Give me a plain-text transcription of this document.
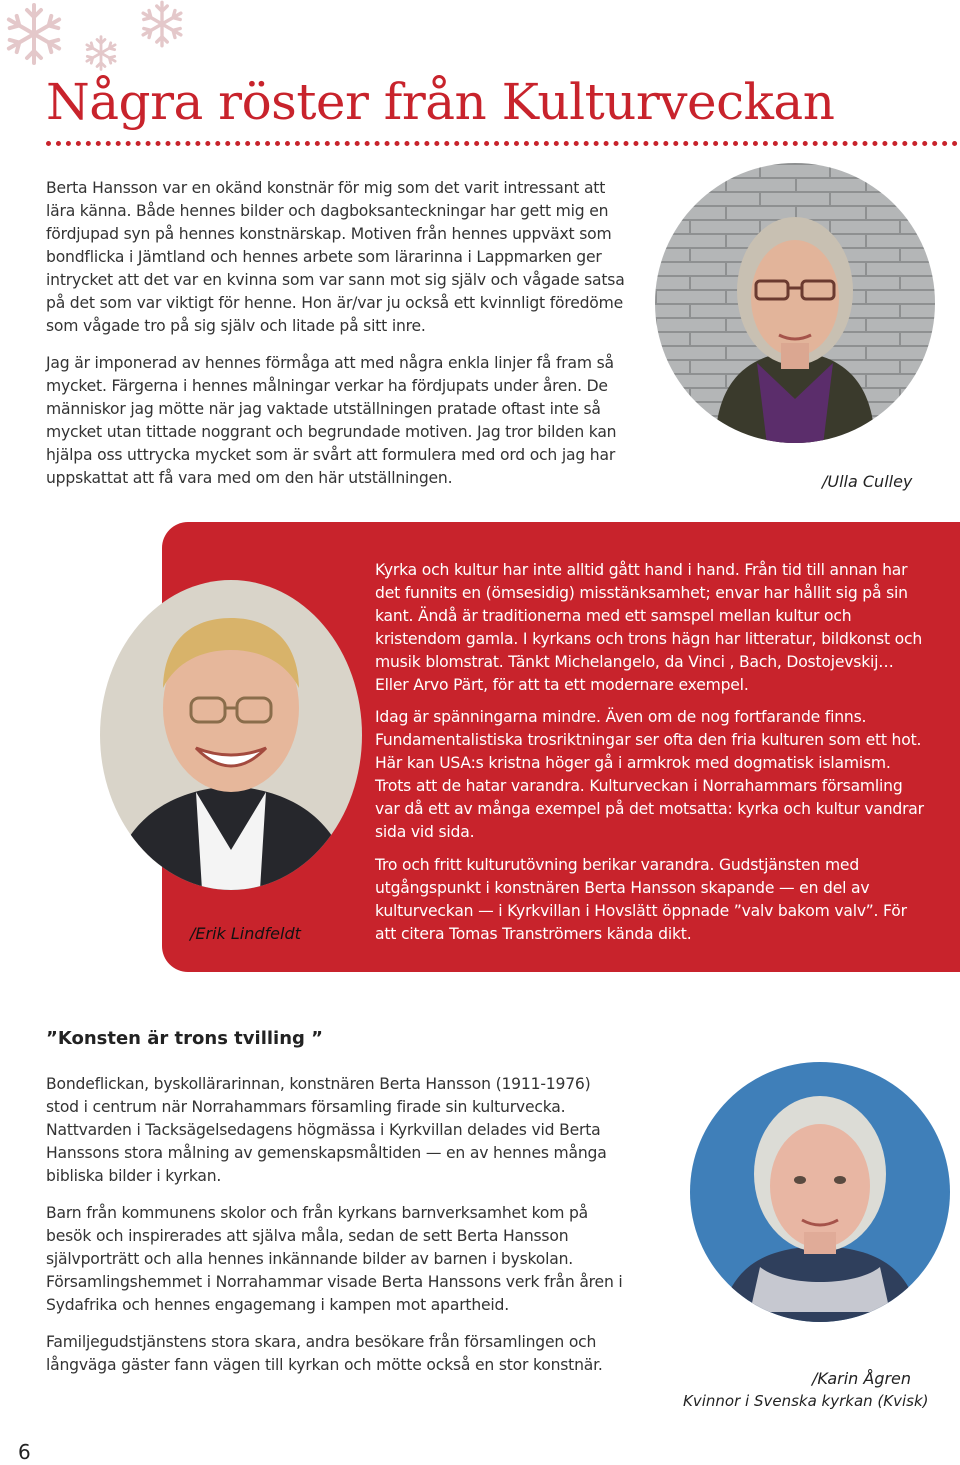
Några röster från Kulturveckan

Berta Hansson var en okänd konstnär för mig som det varit intressant att lära känna. Både hennes bilder och dagboksanteckningar har gett mig en fördjupad syn på hennes konstnärskap. Motiven från hennes uppväxt som bondflicka i Jämtland och hennes arbete som lärarinna i Lappmarken ger intrycket att det var en kvinna som var sann mot sig själv och vågade satsa på det som var viktigt för henne. Hon är/var ju också ett kvinnligt föredöme som vågade tro på sig själv och litade på sitt inre.

Jag är imponerad av hennes förmåga att med några enkla linjer få fram så mycket. Färgerna i hennes målningar verkar ha fördjupats under åren. De människor jag mötte när jag vaktade utställningen pratade oftast inte så mycket utan tittade noggrant och begrundade motiven. Jag tror bilden kan hjälpa oss uttrycka mycket som är svårt att formulera med ord och jag har uppskattat att få vara med om den här utställningen.	/Ulla Culley
/Erik Lindfeldt

Kyrka och kultur har inte alltid gått hand i hand. Från tid till annan har det funnits en (ömsesidig) misstänksamhet; envar har hållit sig på sin kant. Ändå är traditionerna med ett samspel mellan kultur och kristendom gamla. I kyrkans och trons hägn har litteratur, bildkonst och musik blomstrat. Tänkt Michelangelo, da Vinci , Bach, Dostojevskij… Eller Arvo Pärt, för att ta ett modernare exempel.

Idag är spänningarna mindre. Även om de nog fortfarande finns. Fundamentalistiska trosriktningar ser ofta den fria kulturen som ett hot. Här kan USA:s kristna höger gå i armkrok med dogmatisk islamism. Trots att de hatar varandra. Kulturveckan i Norrahammars församling var då ett av många exempel på det motsatta: kyrka och kultur vandrar sida vid sida.

Tro och fritt kulturutövning berikar varandra. Gudstjänsten med utgångspunkt i konstnären Berta Hansson skapande — en del av kulturveckan — i Kyrkvillan i Hovslätt öppnade ”valv bakom valv”. För att citera Tomas Tranströmers kända dikt.

”Konsten är trons tvilling ”

Bondeflickan, byskollärarinnan, konstnären Berta Hansson (1911-1976) stod i centrum när Norrahammars församling firade sin kulturvecka. Nattvarden i Tacksägelsedagens högmässa i Kyrkvillan delades vid Berta Hanssons stora målning av gemenskapsmåltiden — en av hennes många bibliska bilder i kyrkan.

Barn från kommunens skolor och från kyrkans barnverksamhet kom på besök och inspirerades att själva måla, sedan de sett Berta Hansson självporträtt och alla hennes inkännande bilder av barnen i byskolan. Församlingshemmet i Norrahammar visade Berta Hanssons verk från åren i Sydafrika och hennes engagemang i kampen mot apartheid.

Familjegudstjänstens stora skara, andra besökare från församlingen och långväga gäster fann vägen till kyrkan och mötte också en stor konstnär.

/Karin Ågren
Kvinnor i Svenska kyrkan (Kvisk)
6
